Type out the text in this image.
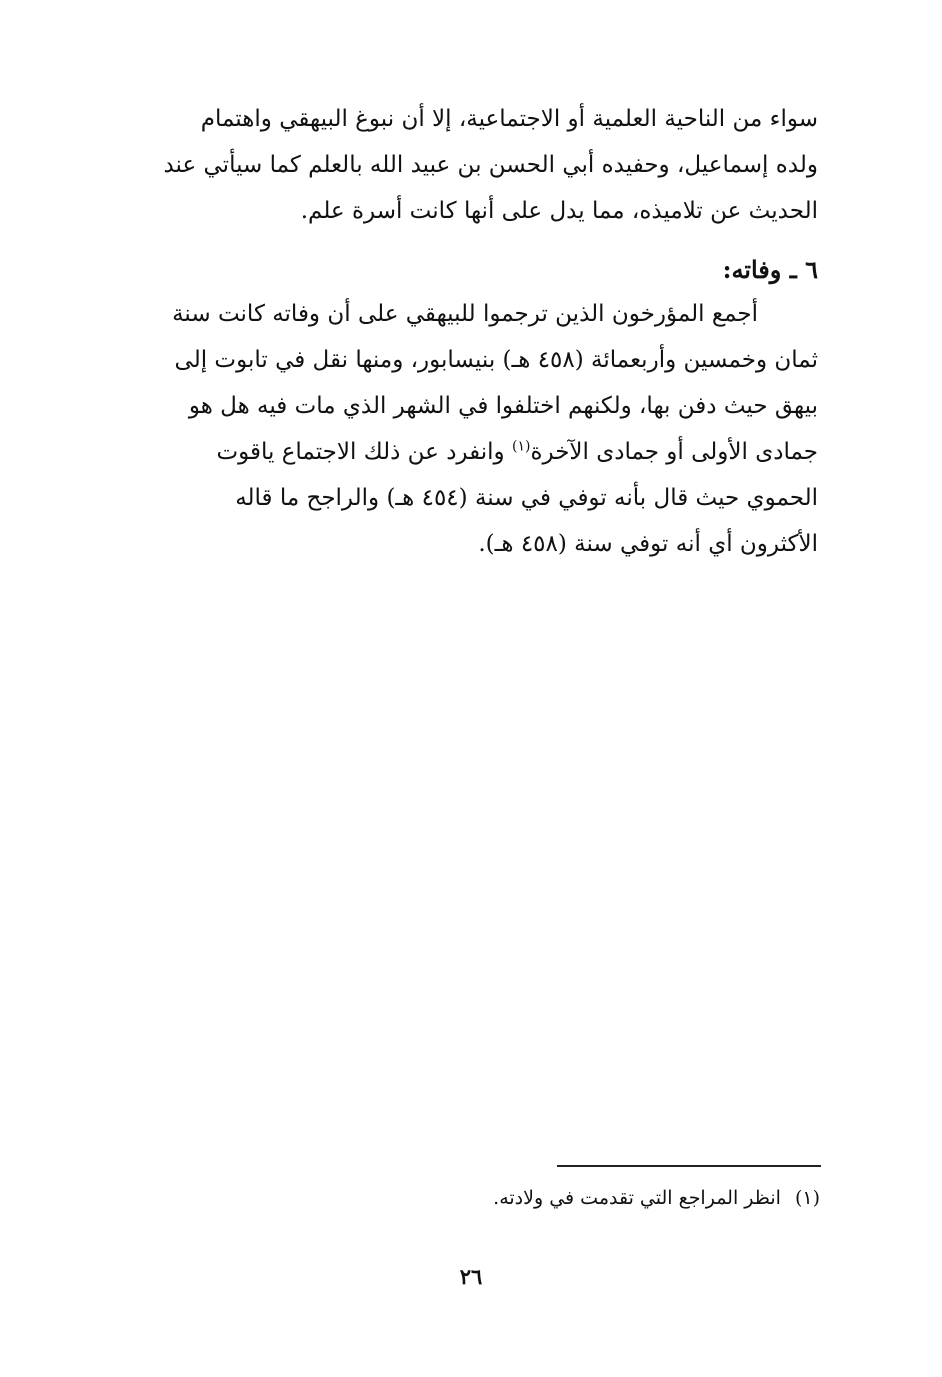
سواء من الناحية العلمية أو الاجتماعية، إلا أن نبوغ البيهقي واهتمام

ولده إسماعيل، وحفيده أبي الحسن بن عبيد الله بالعلم كما سيأتي عند

الحديث عن تلاميذه، مما يدل على أنها كانت أسرة علم.

٦ ـ وفاته:

أجمع المؤرخون الذين ترجموا للبيهقي على أن وفاته كانت سنة

ثمان وخمسين وأربعمائة (٤٥٨ هـ) بنيسابور، ومنها نقل في تابوت إلى

بيهق حيث دفن بها، ولكنهم اختلفوا في الشهر الذي مات فيه هل هو

جمادى الأولى أو جمادى الآخرة$^{(١)}$ وانفرد عن ذلك الاجتماع ياقوت

الحموي حيث قال بأنه توفي في سنة (٤٥٤ هـ) والراجح ما قاله

الأكثرون أي أنه توفي سنة (٤٥٨ هـ).

(١)انظر المراجع التي تقدمت في ولادته.
٢٦
